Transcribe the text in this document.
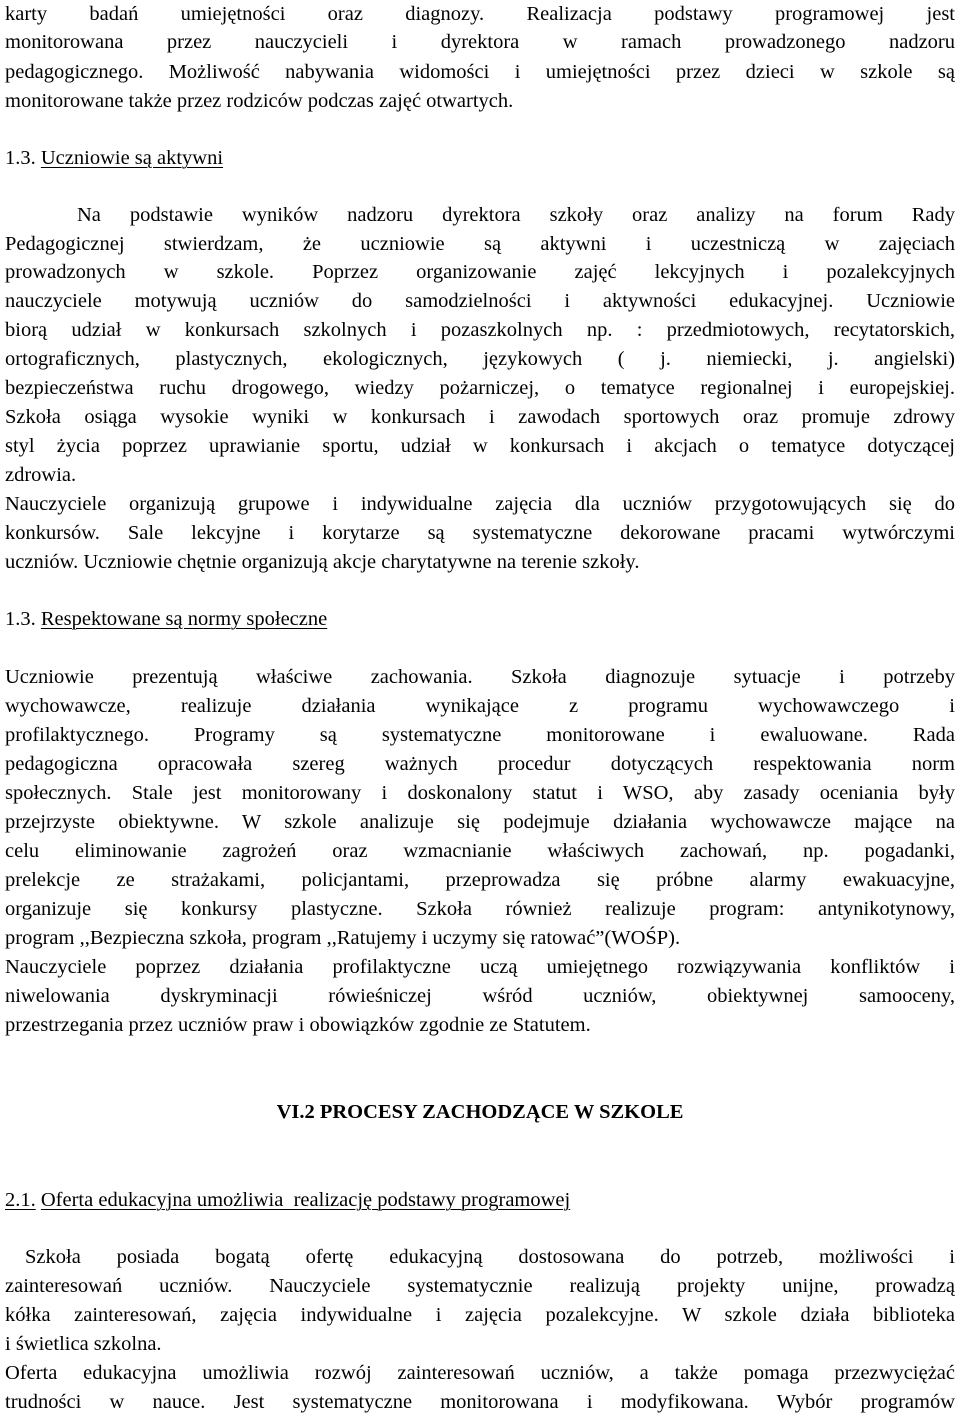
karty badań umiejętności oraz diagnozy. Realizacja podstawy programowej jest
monitorowana przez nauczycieli i dyrektora w ramach prowadzonego nadzoru
pedagogicznego. Możliwość nabywania widomości i umiejętności przez dzieci w szkole są
monitorowane także przez rodziców podczas zajęć otwartych.
1.3. Uczniowie są aktywni
Na podstawie wyników nadzoru dyrektora szkoły oraz analizy na forum Rady
Pedagogicznej stwierdzam, że uczniowie są aktywni i uczestniczą w zajęciach
prowadzonych w szkole. Poprzez organizowanie zajęć lekcyjnych i pozalekcyjnych
nauczyciele motywują uczniów do samodzielności i aktywności edukacyjnej. Uczniowie
biorą udział w konkursach szkolnych i pozaszkolnych np. : przedmiotowych, recytatorskich,
ortograficznych, plastycznych, ekologicznych, językowych ( j. niemiecki, j. angielski)
bezpieczeństwa ruchu drogowego, wiedzy pożarniczej, o tematyce regionalnej i europejskiej.
Szkoła osiąga wysokie wyniki w konkursach i zawodach sportowych oraz promuje zdrowy
styl życia poprzez uprawianie sportu, udział w konkursach i akcjach o tematyce dotyczącej
zdrowia.
Nauczyciele organizują grupowe i indywidualne zajęcia dla uczniów przygotowujących się do
konkursów. Sale lekcyjne i korytarze są systematyczne dekorowane pracami wytwórczymi
uczniów. Uczniowie chętnie organizują akcje charytatywne na terenie szkoły.
1.3. Respektowane są normy społeczne
Uczniowie prezentują właściwe zachowania. Szkoła diagnozuje sytuacje i potrzeby
wychowawcze, realizuje działania wynikające z programu wychowawczego i
profilaktycznego. Programy są systematyczne monitorowane i ewaluowane. Rada
pedagogiczna opracowała szereg ważnych procedur dotyczących respektowania norm
społecznych. Stale jest monitorowany i doskonalony statut i WSO, aby zasady oceniania były
przejrzyste obiektywne. W szkole analizuje się podejmuje działania wychowawcze mające na
celu eliminowanie zagrożeń oraz wzmacnianie właściwych zachowań, np. pogadanki,
prelekcje ze strażakami, policjantami, przeprowadza się próbne alarmy ewakuacyjne,
organizuje się konkursy plastyczne. Szkoła również realizuje program: antynikotynowy,
program ,,Bezpieczna szkoła, program ,,Ratujemy i uczymy się ratować”(WOŚP).
Nauczyciele poprzez działania profilaktyczne uczą umiejętnego rozwiązywania konfliktów i
niwelowania dyskryminacji rówieśniczej wśród uczniów, obiektywnej samooceny,
przestrzegania przez uczniów praw i obowiązków zgodnie ze Statutem.
VI.2 PROCESY ZACHODZĄCE W SZKOLE
2.1. Oferta edukacyjna umożliwia  realizację podstawy programowej
Szkoła posiada bogatą ofertę edukacyjną dostosowana do potrzeb, możliwości i
zainteresowań uczniów. Nauczyciele systematycznie realizują projekty unijne, prowadzą
kółka zainteresowań, zajęcia indywidualne i zajęcia pozalekcyjne. W szkole działa biblioteka
i świetlica szkolna.
Oferta edukacyjna umożliwia rozwój zainteresowań uczniów, a także pomaga przezwyciężać
trudności w nauce. Jest systematyczne monitorowana i modyfikowana. Wybór programów
